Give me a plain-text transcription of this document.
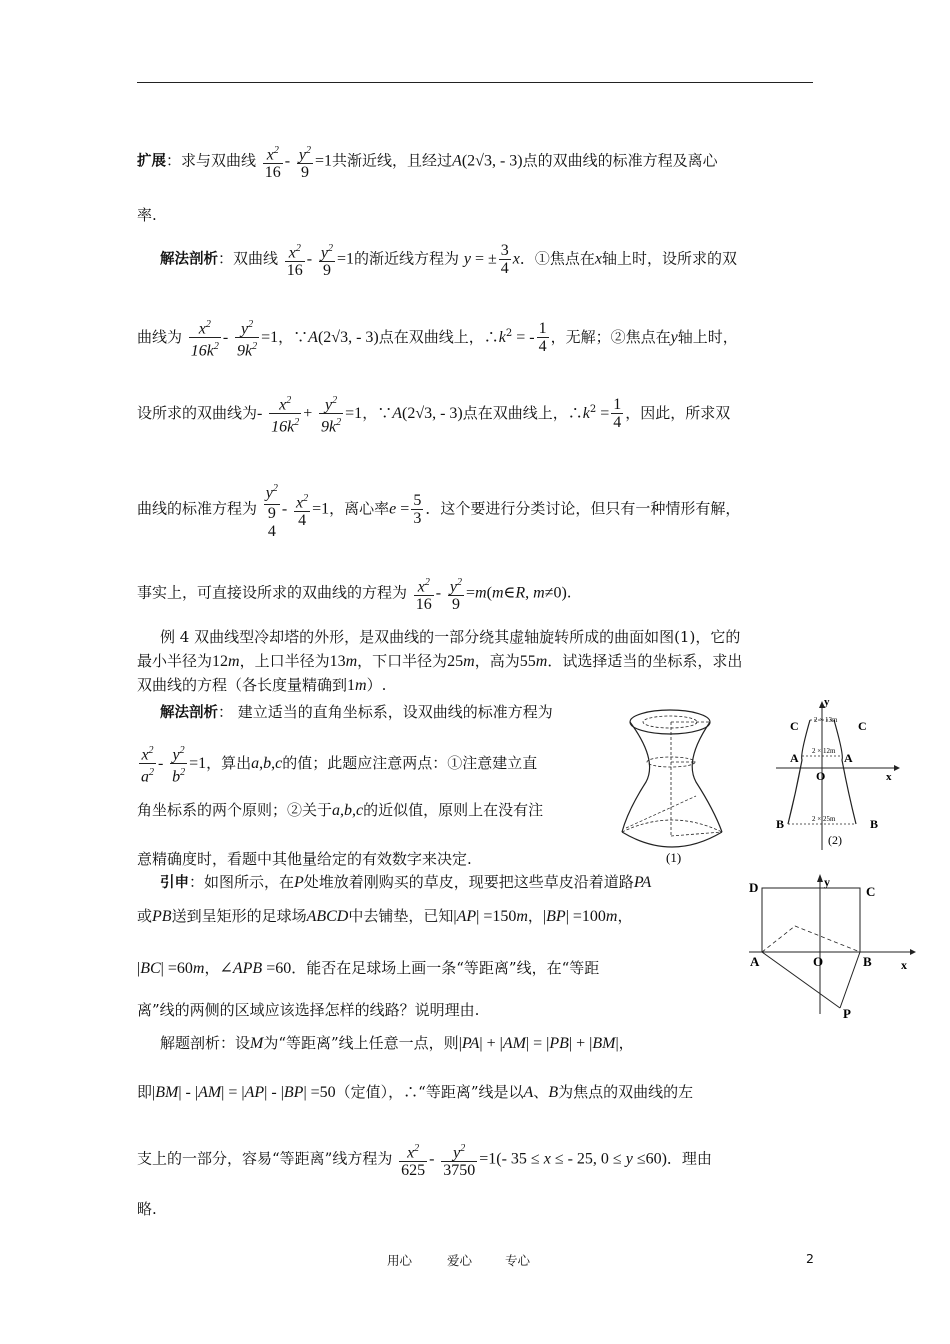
扩展：求与双曲线 $\frac{x^2}{16} - \frac{y^2}{9} =1$共渐近线，且经过A(2√3, - 3)点的双曲线的标准方程及离心
率.
解法剖析：双曲线 $\frac{x^2}{16} - \frac{y^2}{9} =1$的渐近线方程为 y = ± $\frac{3}{4}$ x．①焦点在x轴上时，设所求的双
曲线为 $\frac{x^2}{16k^2} - \frac{y^2}{9k^2} =1$，∵A(2√3, - 3)点在双曲线上，$\therefore k^2$ = - $\frac{1}{4}$ ，无解；②焦点在y轴上时，
设所求的双曲线为- $\frac{x^2}{16k^2} + \frac{y^2}{9k^2} =1$，∵A(2√3, - 3)点在双曲线上，$\therefore k^2 = \frac{1}{4}$ ，因此，所求双
曲线的标准方程为
$y^2$
9
4
- $\frac{x^2}{4} =1$，离心率$e = \frac{5}{3}$ ．这个要进行分类讨论，但只有一种情形有解，
事实上，可直接设所求的双曲线的方程为 $\frac{x^2}{16} - \frac{y^2}{9}$ =m(m∈R, m≠0).
例 4 双曲线型冷却塔的外形，是双曲线的一部分绕其虚轴旋转所成的曲面如图(1)，它的
最小半径为12m，上口半径为13m，下口半径为25m，高为55m．试选择适当的坐标系，求出
双曲线的方程（各长度量精确到1m）.
解法剖析： 建立适当的直角坐标系，设双曲线的标准方程为
$\frac{x^2}{a^2} - \frac{y^2}{b^2} =1$，算出a,b,c的值；此题应注意两点：①注意建立直
角坐标系的两个原则；②关于a,b,c的近似值，原则上在没有注
意精确度时，看题中其他量给定的有效数字来决定.
引申：如图所示，在P处堆放着刚购买的草皮，现要把这些草皮沿着道路PA
或PB送到呈矩形的足球场ABCD中去铺垫，已知|AP| =150m，|BP| =100m，
|BC| =60m，∠APB =60．能否在足球场上画一条“等距离”线，在“等距
离”线的两侧的区域应该选择怎样的线路？说明理由.
解题剖析：设M为“等距离”线上任意一点，则|PA| + |AM| = |PB| + |BM|，
即|BM| - |AM| = |AP| - |BP| =50（定值），∴“等距离”线是以A、B为焦点的双曲线的左
支上的一部分，容易“等距离”线方程为 $\frac{x^2}{625} - \frac{y^2}{3750} =1(-$ 35 ≤ x ≤ - 25, 0 ≤ y ≤60)．理由
略.
(1)
y
x
C	C
A	A
O
B	B
2 × 13m
2 × 12m
2 × 25m
(2)
D	C
y
A	O	B x
P
用心	爱心	专心	2
